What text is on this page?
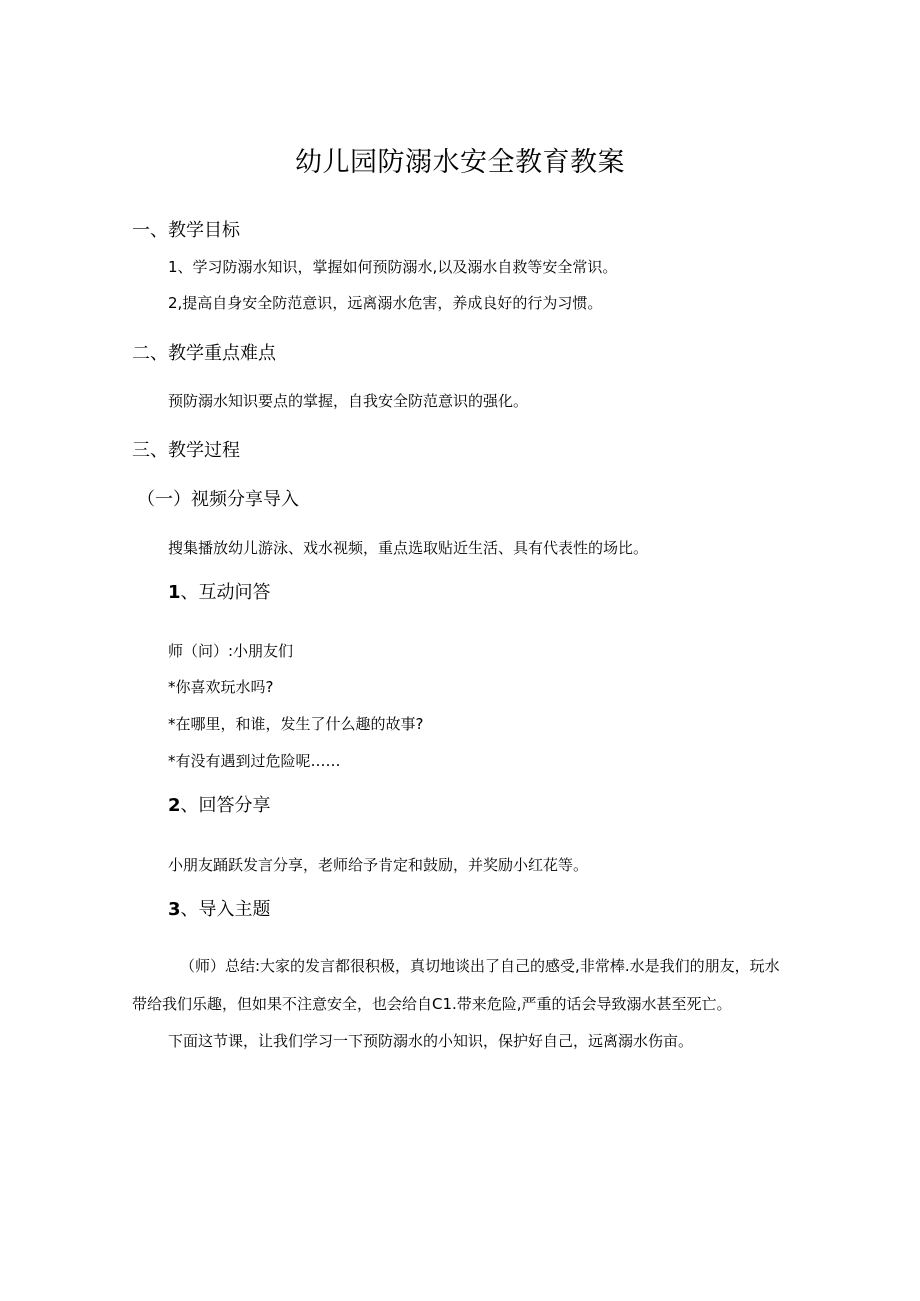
幼儿园防溺水安全教育教案
一、教学目标
1、学习防溺水知识，掌握如何预防溺水,以及溺水自救等安全常识。
2,提高自身安全防范意识，远离溺水危害，养成良好的行为习惯。
二、教学重点难点
预防溺水知识要点的掌握，自我安全防范意识的强化。
三、教学过程
（一）视频分享导入
搜集播放幼儿游泳、戏水视频，重点选取贴近生活、具有代表性的场比。
1、互动问答
师（问）:小朋友们
*你喜欢玩水吗?
*在哪里，和谁，发生了什么趣的故事?
*有没有遇到过危险呢……
2、回答分享
小朋友踊跃发言分享，老师给予肯定和鼓励，并奖励小红花等。
3、导入主题
（师）总结:大家的发言都很积极，真切地谈出了自己的感受,非常棒.水是我们的朋友，玩水带给我们乐趣，但如果不注意安全，也会给自C1.带来危险,严重的话会导致溺水甚至死亡。
下面这节课，让我们学习一下预防溺水的小知识，保护好自己，远离溺水伤亩。
